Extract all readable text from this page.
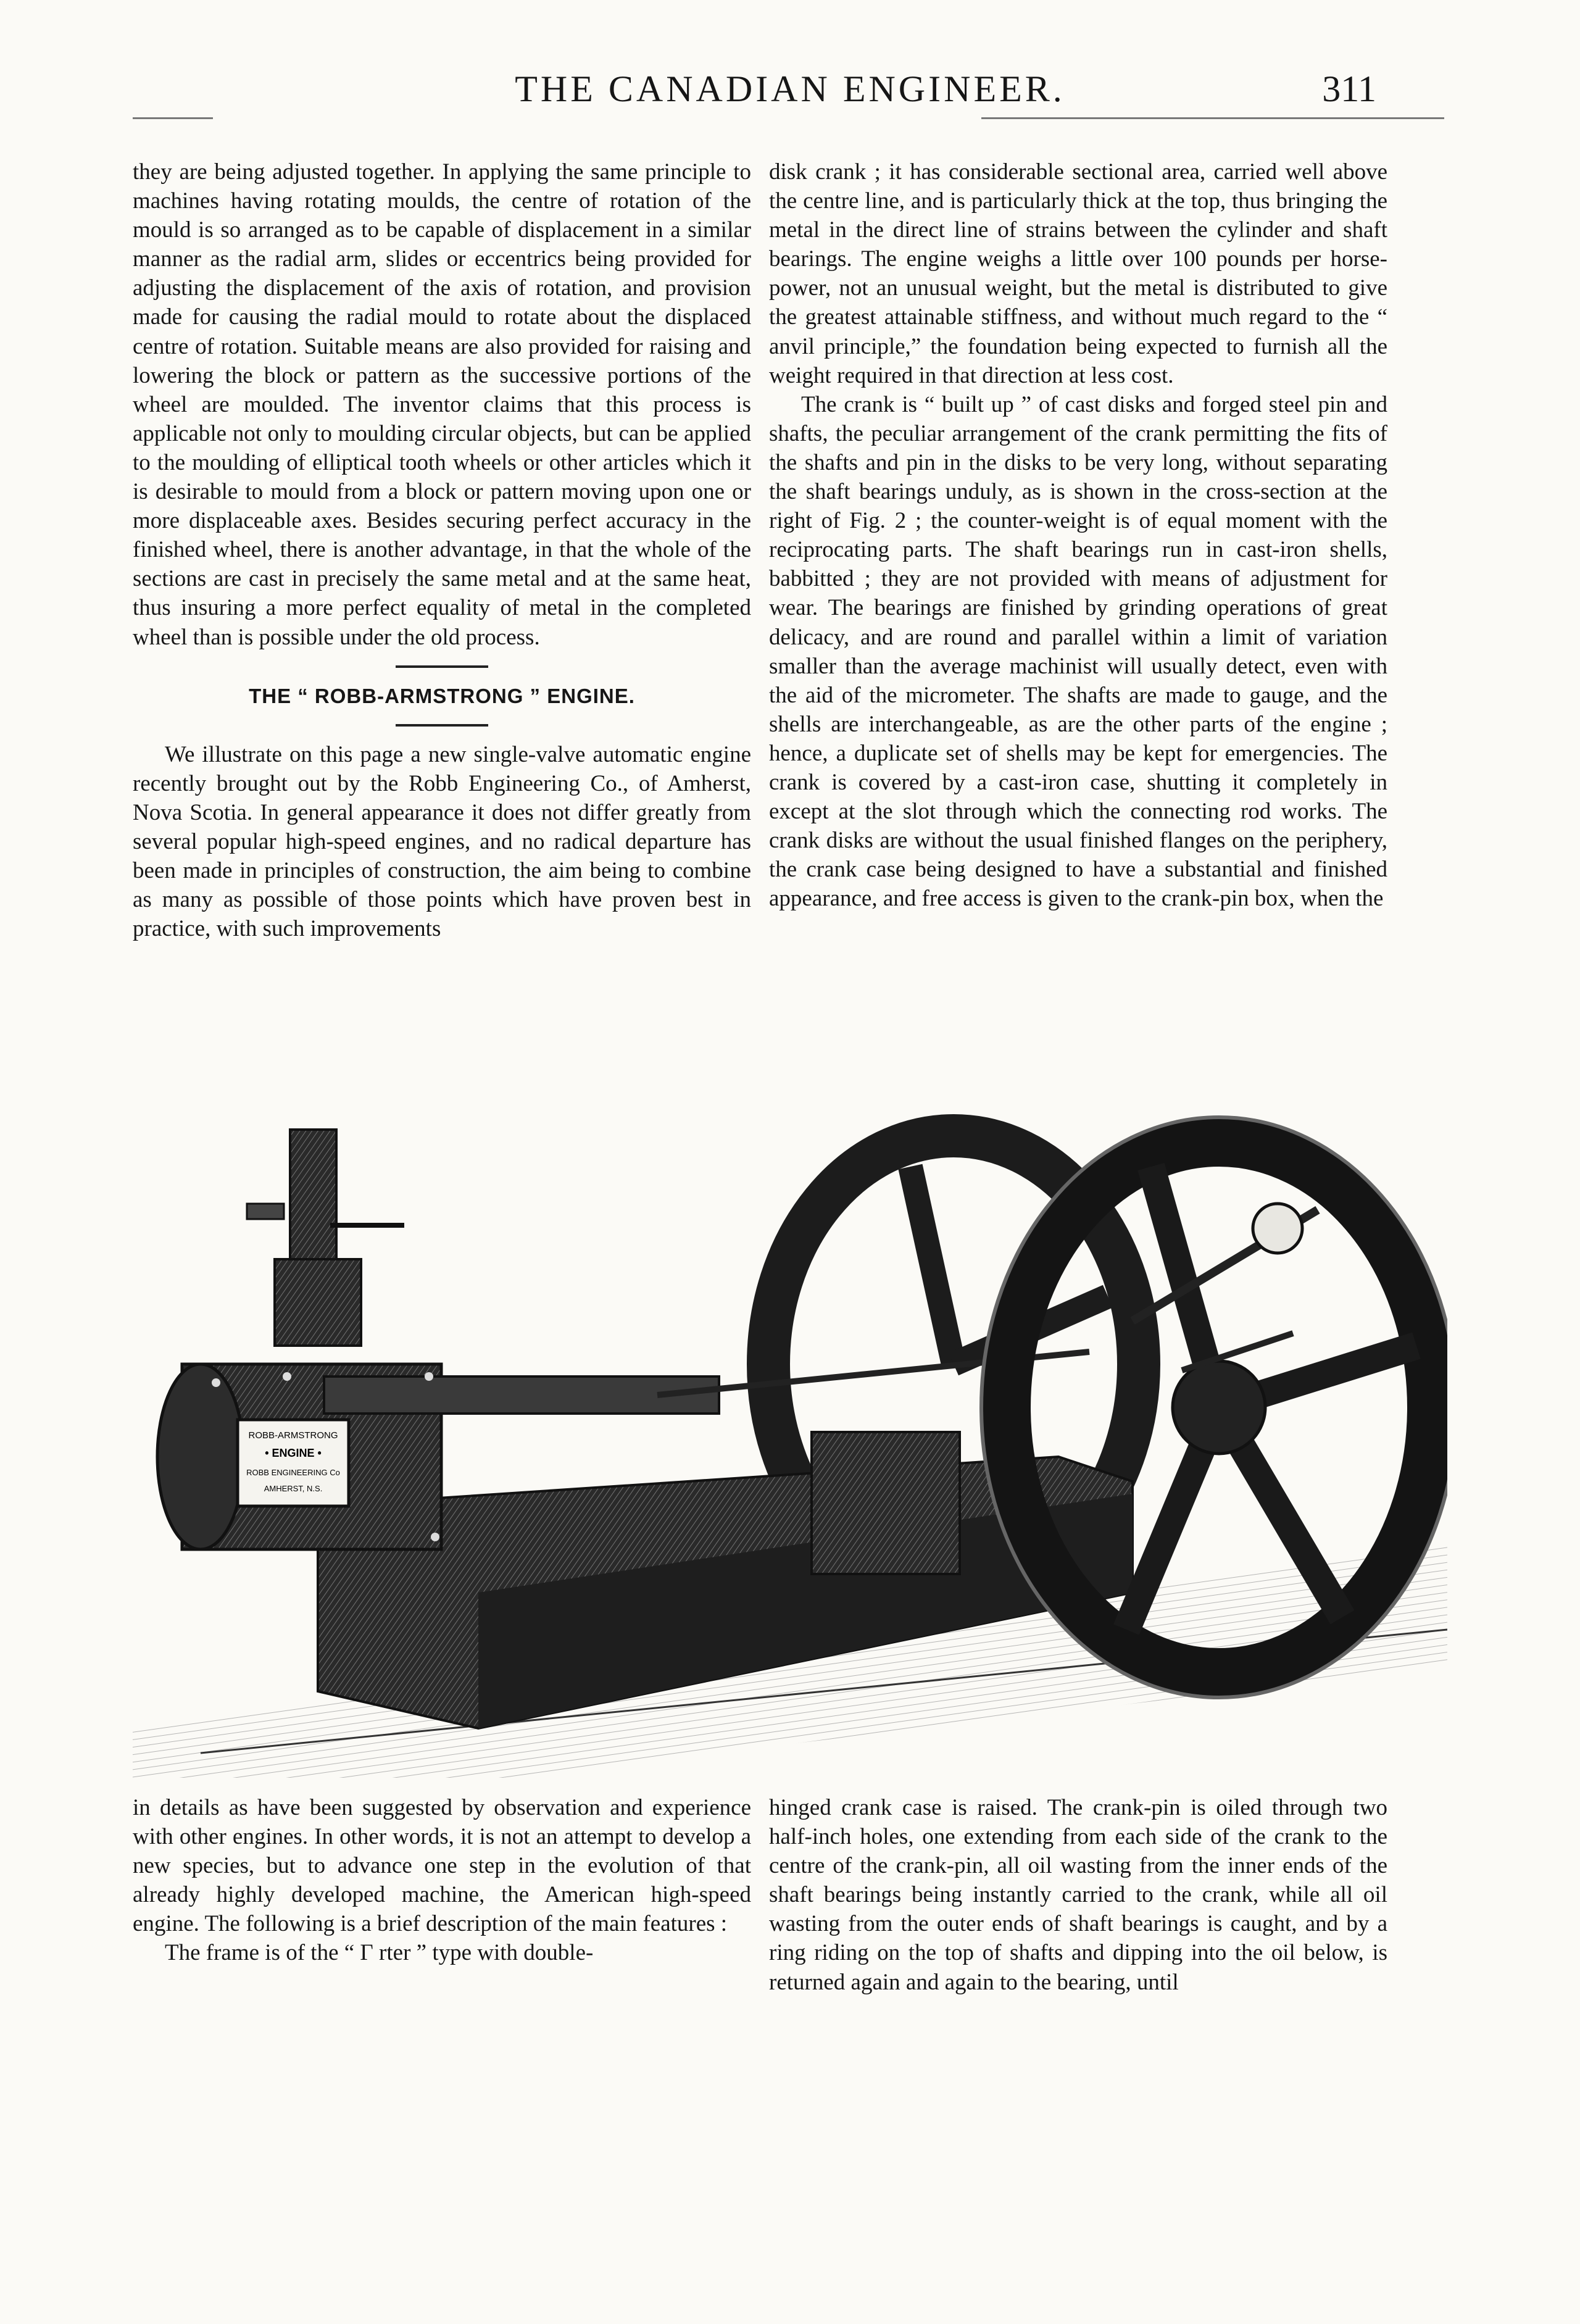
THE CANADIAN ENGINEER.	311

they are being adjusted together. In applying the same principle to machines having rotating moulds, the centre of rotation of the mould is so arranged as to be capable of displacement in a similar manner as the radial arm, slides or eccentrics being provided for adjusting the displacement of the axis of rotation, and provision made for causing the radial mould to rotate about the displaced centre of rotation. Suitable means are also provided for raising and lowering the block or pattern as the successive portions of the wheel are moulded. The inventor claims that this process is applicable not only to moulding circular objects, but can be applied to the moulding of elliptical tooth wheels or other articles which it is desirable to mould from a block or pattern moving upon one or more displaceable axes. Besides securing perfect accuracy in the finished wheel, there is another advantage, in that the whole of the sections are cast in precisely the same metal and at the same heat, thus insuring a more perfect equality of metal in the completed wheel than is possible under the old process.

THE “ ROBB-ARMSTRONG ” ENGINE.

We illustrate on this page a new single-valve automatic engine recently brought out by the Robb Engineering Co., of Amherst, Nova Scotia. In general appearance it does not differ greatly from several popular high-speed engines, and no radical departure has been made in principles of construction, the aim being to combine as many as possible of those points which have proven best in practice, with such improvements

disk crank ; it has considerable sectional area, carried well above the centre line, and is particularly thick at the top, thus bringing the metal in the direct line of strains between the cylinder and shaft bearings. The engine weighs a little over 100 pounds per horse-power, not an unusual weight, but the metal is distributed to give the greatest attainable stiffness, and without much regard to the “ anvil principle,” the foundation being expected to furnish all the weight required in that direction at less cost.

The crank is “ built up ” of cast disks and forged steel pin and shafts, the peculiar arrangement of the crank permitting the fits of the shafts and pin in the disks to be very long, without separating the shaft bearings unduly, as is shown in the cross-section at the right of Fig. 2 ; the counter-weight is of equal moment with the reciprocating parts. The shaft bearings run in cast-iron shells, babbitted ; they are not provided with means of adjustment for wear. The bearings are finished by grinding operations of great delicacy, and are round and parallel within a limit of variation smaller than the average machinist will usually detect, even with the aid of the micrometer. The shafts are made to gauge, and the shells are interchangeable, as are the other parts of the engine ; hence, a duplicate set of shells may be kept for emergencies. The crank is covered by a cast-iron case, shutting it completely in except at the slot through which the connecting rod works. The crank disks are without the usual finished flanges on the periphery, the crank case being designed to have a substantial and finished appearance, and free access is given to the crank-pin box, when the

ROBB-ARMSTRONG
• ENGINE •
ROBB ENGINEERING Co
AMHERST, N.S.

in details as have been suggested by observation and experience with other engines. In other words, it is not an attempt to develop a new species, but to advance one step in the evolution of that already highly developed machine, the American high-speed engine. The following is a brief description of the main features :

The frame is of the “ Г rter ” type with double-

hinged crank case is raised. The crank-pin is oiled through two half-inch holes, one extending from each side of the crank to the centre of the crank-pin, all oil wasting from the inner ends of the shaft bearings being instantly carried to the crank, while all oil wasting from the outer ends of shaft bearings is caught, and by a ring riding on the top of shafts and dipping into the oil below, is returned again and again to the bearing, until
